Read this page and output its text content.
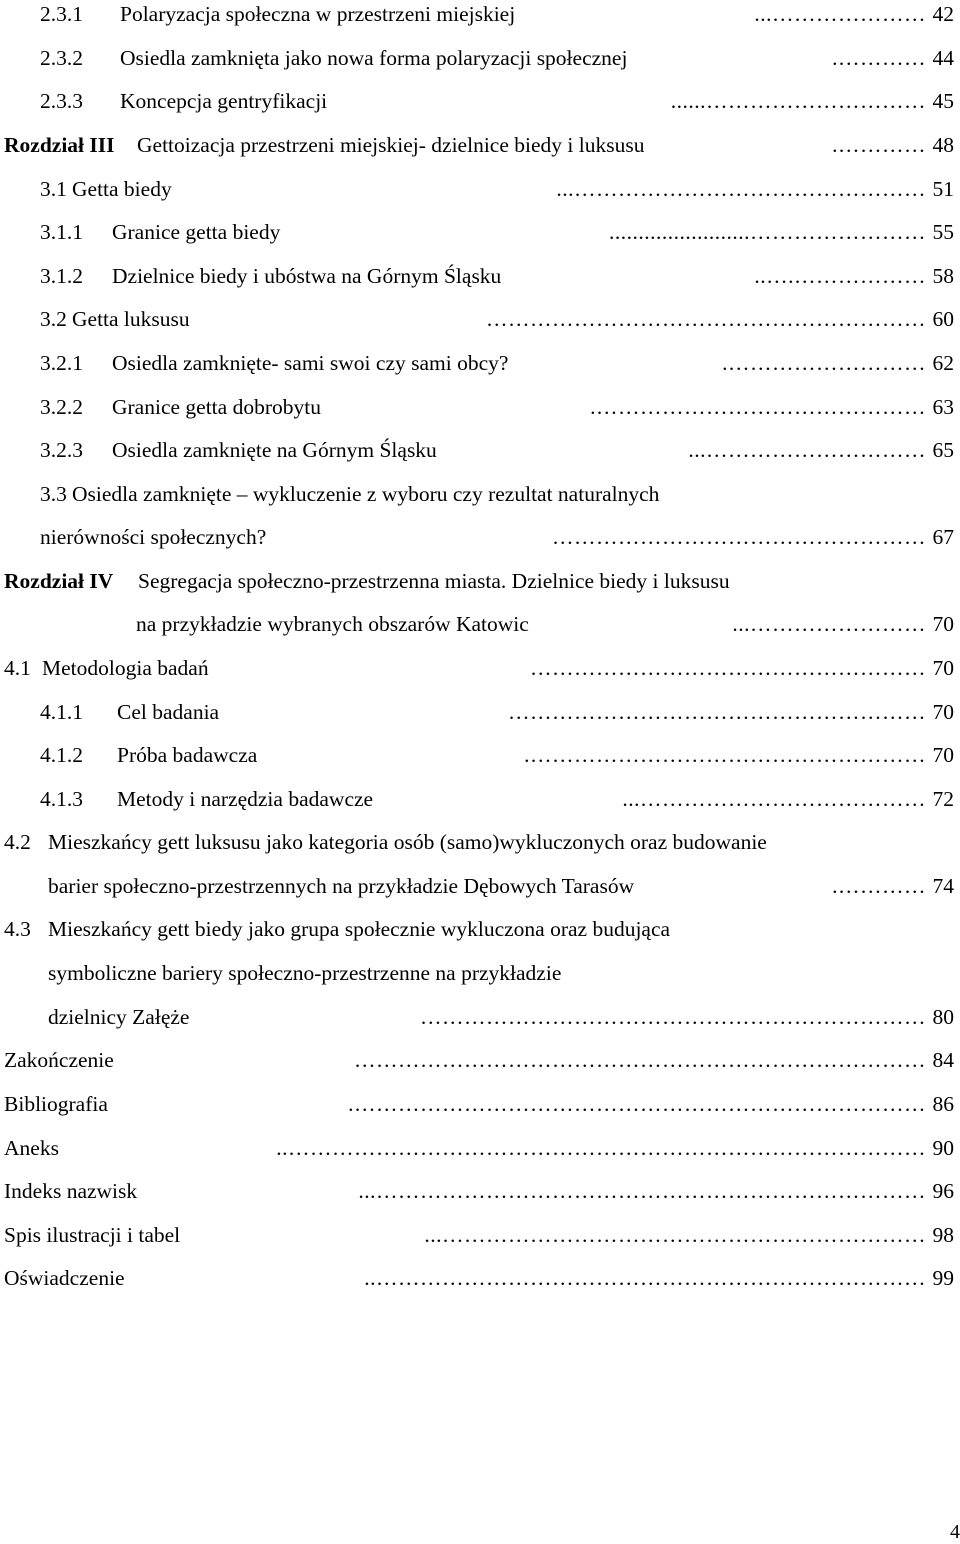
2.3.1 Polaryzacja społeczna w przestrzeni miejskiej	42
…………………...
2.3.2 Osiedla zamknięta jako nowa forma polaryzacji społecznej	44
………….
2.3.3 Koncepcja gentryfikacji	45
…………………………......
Rozdział III Gettoizacja przestrzeni miejskiej- dzielnice biedy i luksusu	48
………….
3.1 Getta biedy	51
…………………………………………...
3.1.1 Granice getta biedy	55
……………………........................
3.1.2 Dzielnice biedy i ubóstwa na Górnym Śląsku	58
……………….…..
3.2 Getta luksusu	60
……………………………………………………
3.2.1 Osiedla zamknięte- sami swoi czy sami obcy?	62
……………………….
3.2.2 Granice getta dobrobytu	63
……………………………………….
3.2.3 Osiedla zamknięte na Górnym Śląsku	65
…………………………...
3.3 Osiedla zamknięte – wykluczenie z wyboru czy rezultat naturalnych
nierówności społecznych?	67
……………………………………………
Rozdział IV Segregacja społeczno-przestrzenna miasta. Dzielnice biedy i luksusu
na przykładzie wybranych obszarów Katowic	70
……………………...
4.1 Metodologia badań	70
………………………………………………
4.1.1 Cel badania	70
…………………………………………………
4.1.2 Próba badawcza	70
……………………………………………….
4.1.3 Metody i narzędzia badawcze	72
…………………………………...
4.2 Mieszkańcy gett luksusu jako kategoria osób (samo)wykluczonych oraz budowanie
barier społeczno-przestrzennych na przykładzie Dębowych Tarasów	74
………….
4.3 Mieszkańcy gett biedy jako grupa społecznie wykluczona oraz budująca
symboliczne bariery społeczno-przestrzenne na przykładzie
dzielnicy Załęże	80
……………………………………………………………
Zakończenie	84
……………………………………………………………………
Bibliografia	86
…………………………………………………………………….
Aneks	90
……………………………………………………………………………..
Indeks nazwisk	96
…………………………………………………………………...
Spis ilustracji i tabel	98
…………………………………………………………...
Oświadczenie	99
…………………………………………………………………..
4
